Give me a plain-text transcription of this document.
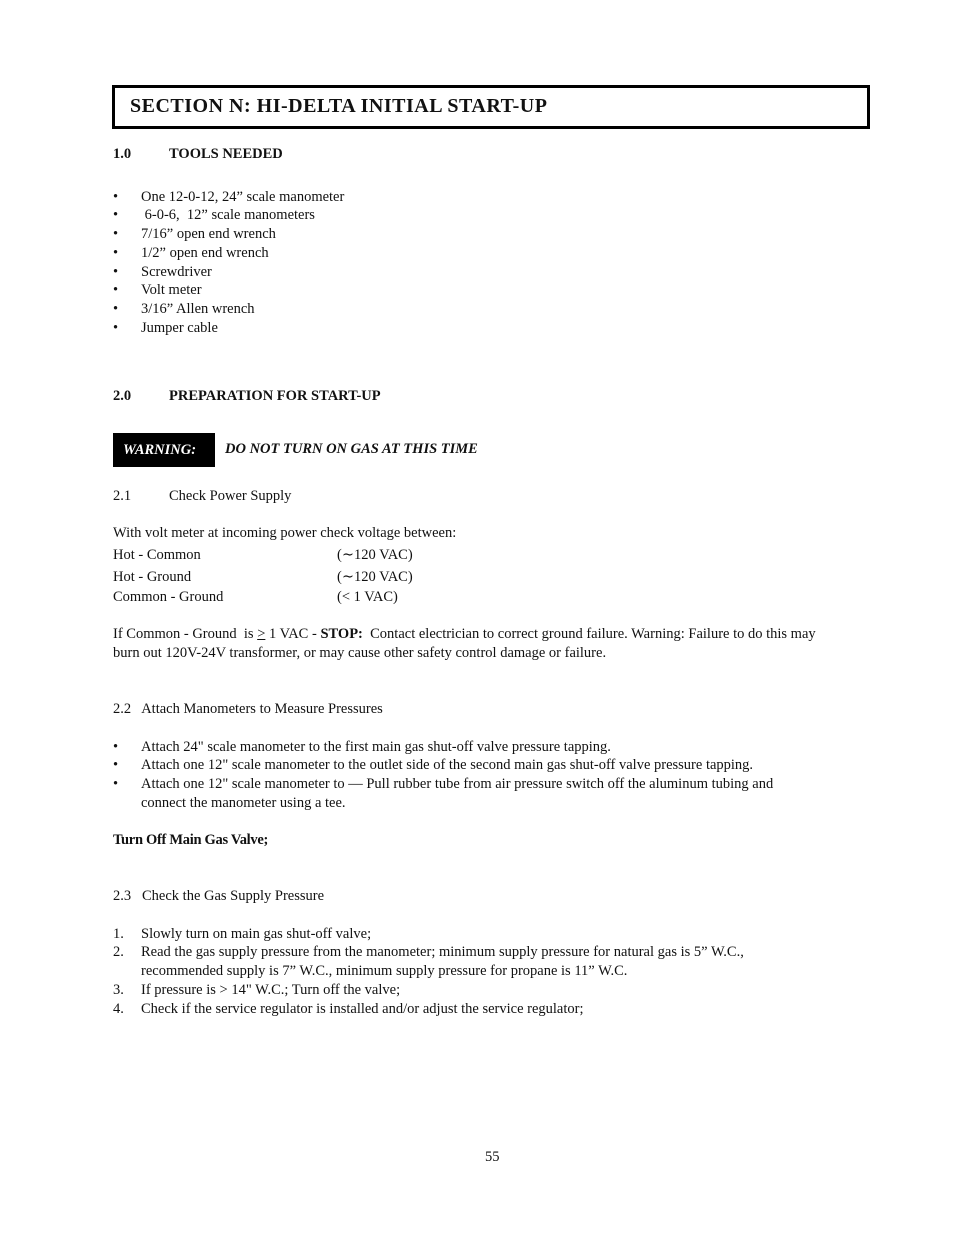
SECTION N: HI-DELTA INITIAL START-UP
1.0	TOOLS NEEDED
• One 12-0-12, 24” scale manometer
• 6-0-6,  12” scale manometers
• 7/16” open end wrench
• 1/2” open end wrench
• Screwdriver
• Volt meter
• 3/16” Allen wrench
• Jumper cable
2.0	PREPARATION FOR START-UP
WARNING: DO NOT TURN ON GAS AT THIS TIME
2.1	Check Power Supply
With volt meter at incoming power check voltage between:
Hot - Common	(∼120 VAC)
Hot - Ground	(∼120 VAC)
Common - Ground	(< 1 VAC)
If Common - Ground  is > 1 VAC - STOP:  Contact electrician to correct ground failure. Warning: Failure to do this may
burn out 120V-24V transformer, or may cause other safety control damage or failure.
2.2   Attach Manometers to Measure Pressures
• Attach 24" scale manometer to the first main gas shut-off valve pressure tapping.
• Attach one 12" scale manometer to the outlet side of the second main gas shut-off valve pressure tapping.
• Attach one 12" scale manometer to — Pull rubber tube from air pressure switch off the aluminum tubing and
connect the manometer using a tee.
Turn Off Main Gas Valve;
2.3   Check the Gas Supply Pressure
1. Slowly turn on main gas shut-off valve;
2. Read the gas supply pressure from the manometer; minimum supply pressure for natural gas is 5” W.C.,
recommended supply is 7” W.C., minimum supply pressure for propane is 11” W.C.
3. If pressure is > 14" W.C.; Turn off the valve;
4. Check if the service regulator is installed and/or adjust the service regulator;
55
